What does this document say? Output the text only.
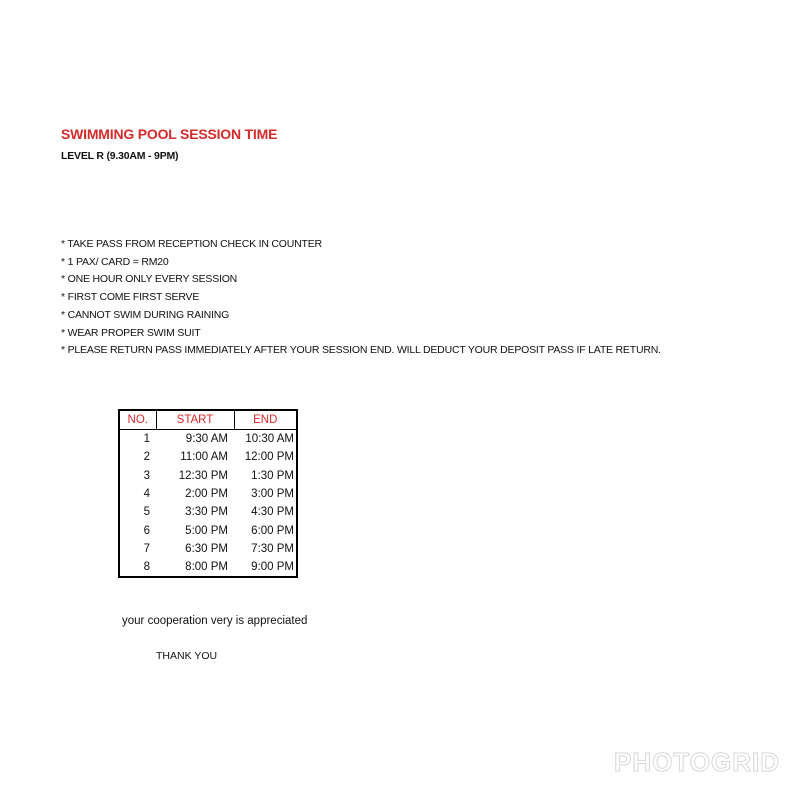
SWIMMING POOL SESSION TIME
LEVEL R (9.30AM - 9PM)
* TAKE PASS FROM RECEPTION CHECK IN COUNTER
* 1 PAX/ CARD = RM20
* ONE HOUR ONLY EVERY SESSION
* FIRST COME FIRST SERVE
* CANNOT SWIM DURING RAINING
* WEAR PROPER SWIM SUIT
* PLEASE RETURN PASS IMMEDIATELY AFTER YOUR SESSION END. WILL DEDUCT YOUR DEPOSIT PASS IF LATE RETURN.
NO.	START	END
1	9:30 AM	10:30 AM
2	11:00 AM	12:00 PM
3	12:30 PM	1:30 PM
4	2:00 PM	3:00 PM
5	3:30 PM	4:30 PM
6	5:00 PM	6:00 PM
7	6:30 PM	7:30 PM
8	8:00 PM	9:00 PM
your cooperation very is appreciated
THANK YOU
PHOTOGRID
